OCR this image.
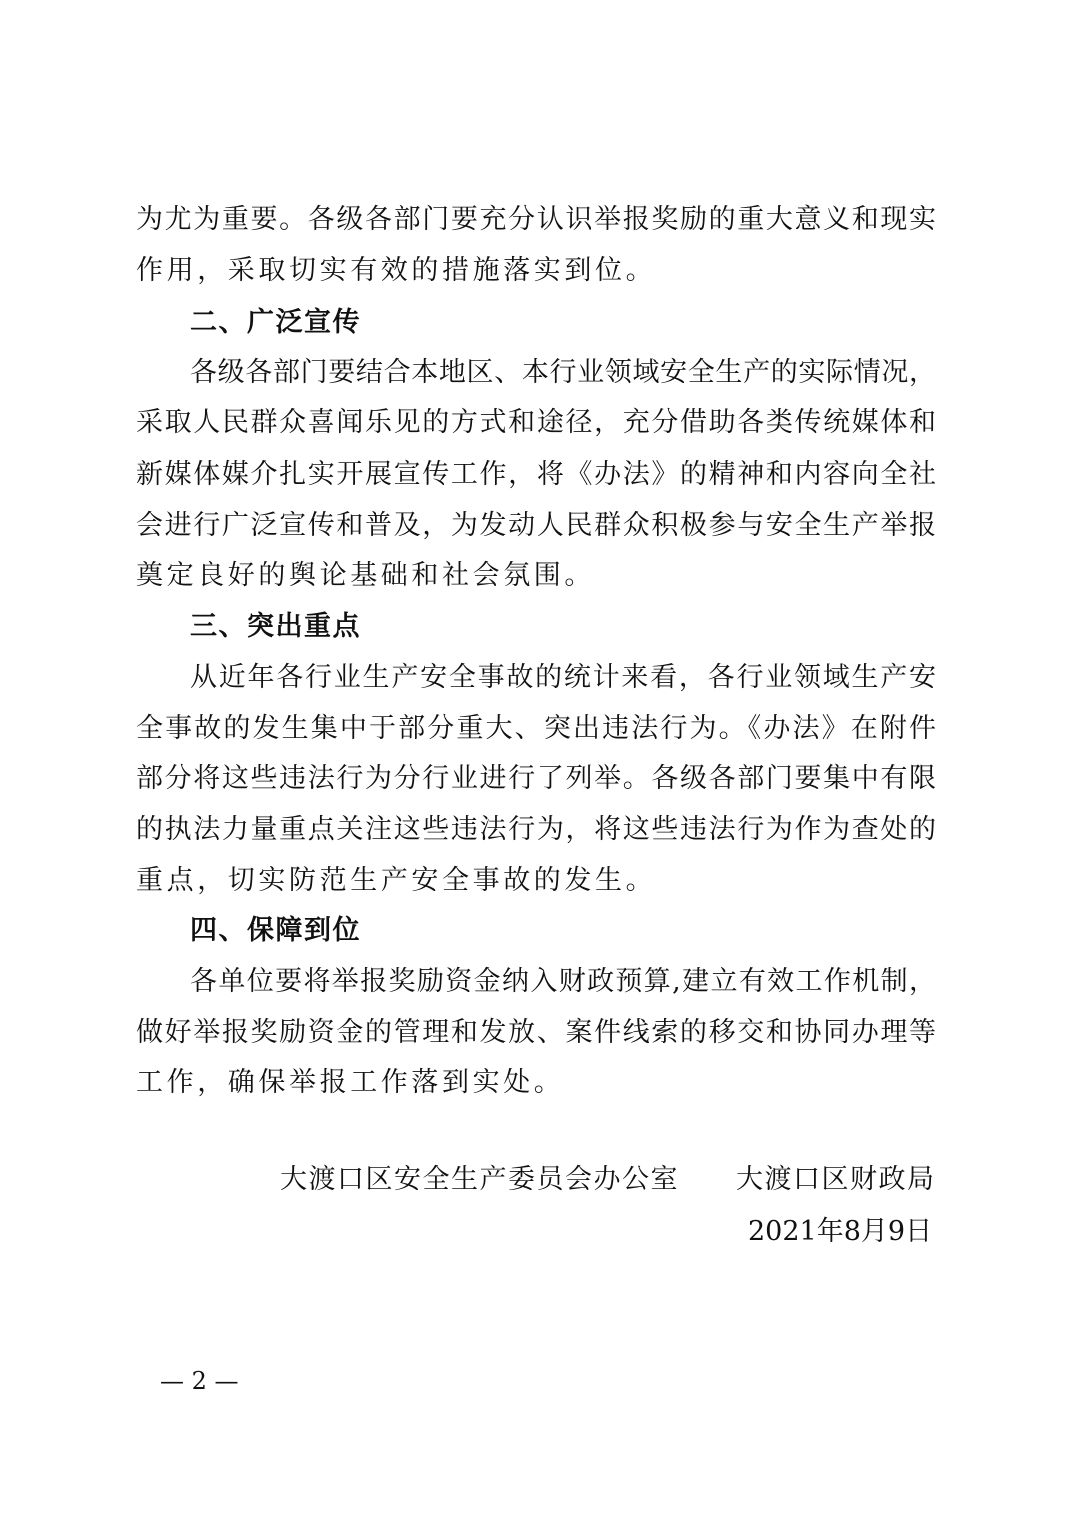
为尤为重要。各级各部门要充分认识举报奖励的重大意义和现实
作用，采取切实有效的措施落实到位。
二、广泛宣传
各级各部门要结合本地区、本行业领域安全生产的实际情况，
采取人民群众喜闻乐见的方式和途径，充分借助各类传统媒体和
新媒体媒介扎实开展宣传工作，将《办法》的精神和内容向全社
会进行广泛宣传和普及，为发动人民群众积极参与安全生产举报
奠定良好的舆论基础和社会氛围。
三、突出重点
从近年各行业生产安全事故的统计来看，各行业领域生产安
全事故的发生集中于部分重大、突出违法行为。《办法》在附件
部分将这些违法行为分行业进行了列举。各级各部门要集中有限
的执法力量重点关注这些违法行为，将这些违法行为作为查处的
重点，切实防范生产安全事故的发生。
四、保障到位
各单位要将举报奖励资金纳入财政预算,建立有效工作机制，
做好举报奖励资金的管理和发放、案件线索的移交和协同办理等
工作，确保举报工作落到实处。
大渡口区安全生产委员会办公室 大渡口区财政局
2021年8月9日
— 2 —
